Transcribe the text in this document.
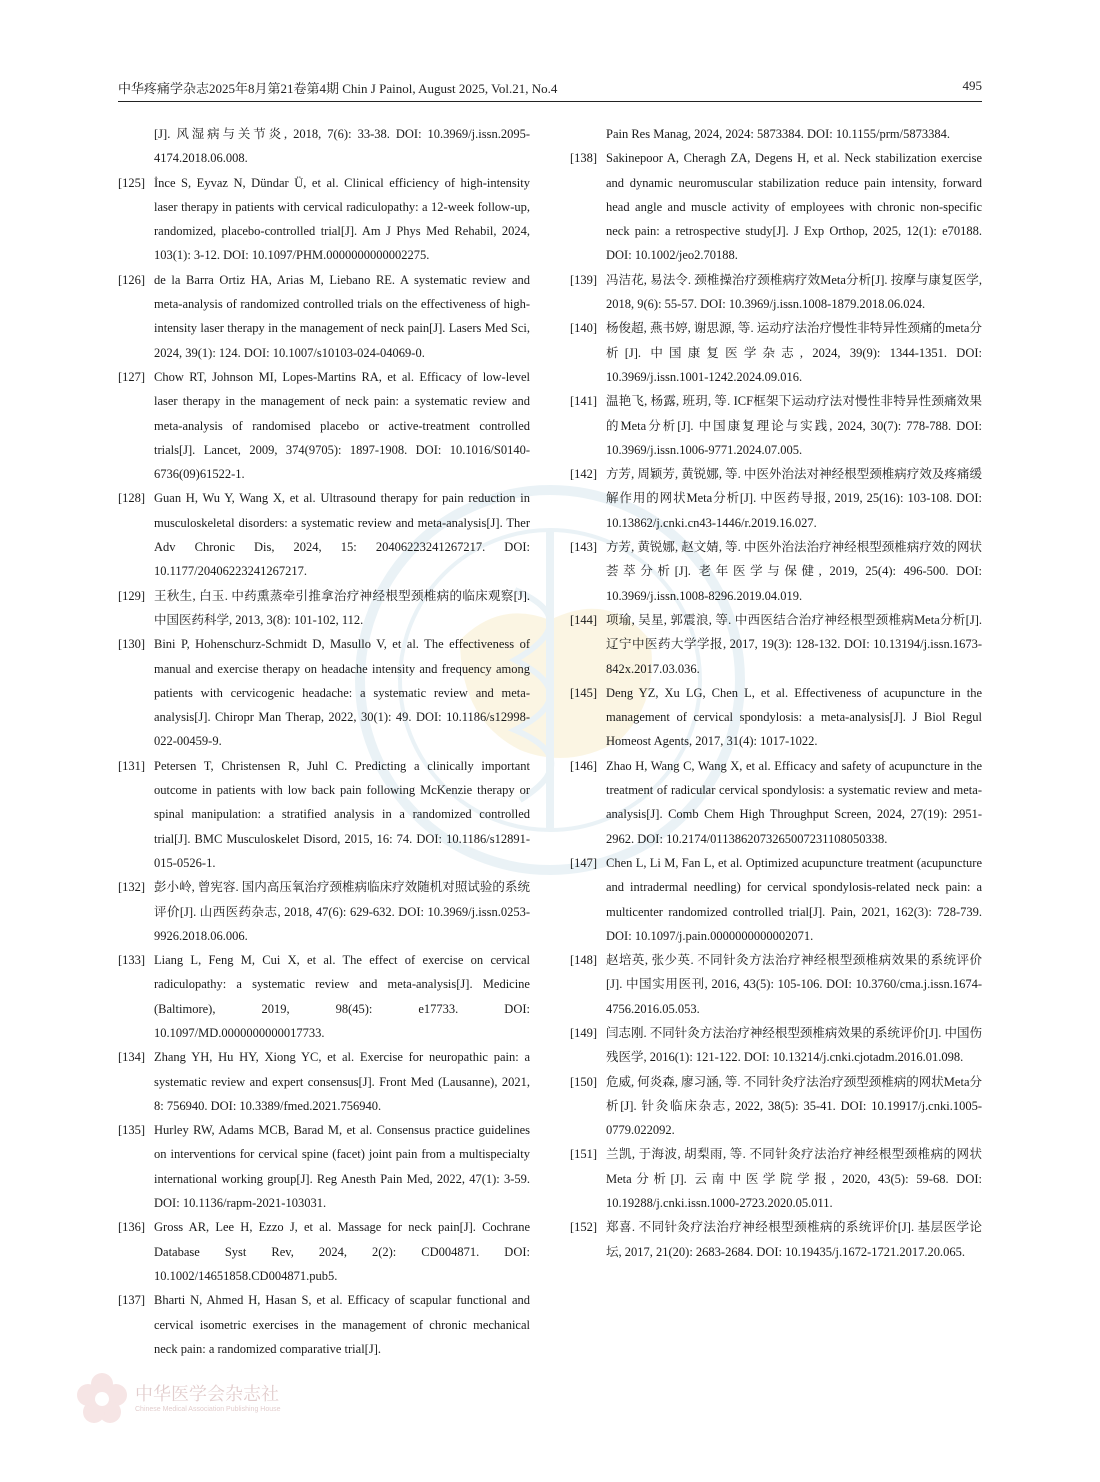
中华疼痛学杂志2025年8月第21卷第4期 Chin J Painol, August 2025, Vol.21, No.4	495
[J]. 风湿病与关节炎, 2018, 7(6): 33-38. DOI: 10.3969/j.issn.2095-4174.2018.06.008.
[125] İnce S, Eyvaz N, Dündar Ü, et al. Clinical efficiency of high-intensity laser therapy in patients with cervical radiculopathy: a 12-week follow-up, randomized, placebo-controlled trial[J]. Am J Phys Med Rehabil, 2024, 103(1): 3-12. DOI: 10.1097/PHM.0000000000002275.
[126] de la Barra Ortiz HA, Arias M, Liebano RE. A systematic review and meta-analysis of randomized controlled trials on the effectiveness of high-intensity laser therapy in the management of neck pain[J]. Lasers Med Sci, 2024, 39(1): 124. DOI: 10.1007/s10103-024-04069-0.
[127] Chow RT, Johnson MI, Lopes-Martins RA, et al. Efficacy of low-level laser therapy in the management of neck pain: a systematic review and meta-analysis of randomised placebo or active-treatment controlled trials[J]. Lancet, 2009, 374(9705): 1897-1908. DOI: 10.1016/S0140-6736(09)61522-1.
[128] Guan H, Wu Y, Wang X, et al. Ultrasound therapy for pain reduction in musculoskeletal disorders: a systematic review and meta-analysis[J]. Ther Adv Chronic Dis, 2024, 15: 20406223241267217. DOI: 10.1177/20406223241267217.
[129] 王秋生, 白玉. 中药熏蒸牵引推拿治疗神经根型颈椎病的临床观察[J]. 中国医药科学, 2013, 3(8): 101-102, 112.
[130] Bini P, Hohenschurz-Schmidt D, Masullo V, et al. The effectiveness of manual and exercise therapy on headache intensity and frequency among patients with cervicogenic headache: a systematic review and meta-analysis[J]. Chiropr Man Therap, 2022, 30(1): 49. DOI: 10.1186/s12998-022-00459-9.
[131] Petersen T, Christensen R, Juhl C. Predicting a clinically important outcome in patients with low back pain following McKenzie therapy or spinal manipulation: a stratified analysis in a randomized controlled trial[J]. BMC Musculoskelet Disord, 2015, 16: 74. DOI: 10.1186/s12891-015-0526-1.
[132] 彭小岭, 曾宪容. 国内高压氧治疗颈椎病临床疗效随机对照试验的系统评价[J]. 山西医药杂志, 2018, 47(6): 629-632. DOI: 10.3969/j.issn.0253-9926.2018.06.006.
[133] Liang L, Feng M, Cui X, et al. The effect of exercise on cervical radiculopathy: a systematic review and meta-analysis[J]. Medicine (Baltimore), 2019, 98(45): e17733. DOI: 10.1097/MD.0000000000017733.
[134] Zhang YH, Hu HY, Xiong YC, et al. Exercise for neuropathic pain: a systematic review and expert consensus[J]. Front Med (Lausanne), 2021, 8: 756940. DOI: 10.3389/fmed.2021.756940.
[135] Hurley RW, Adams MCB, Barad M, et al. Consensus practice guidelines on interventions for cervical spine (facet) joint pain from a multispecialty international working group[J]. Reg Anesth Pain Med, 2022, 47(1): 3-59. DOI: 10.1136/rapm-2021-103031.
[136] Gross AR, Lee H, Ezzo J, et al. Massage for neck pain[J]. Cochrane Database Syst Rev, 2024, 2(2): CD004871. DOI: 10.1002/14651858.CD004871.pub5.
[137] Bharti N, Ahmed H, Hasan S, et al. Efficacy of scapular functional and cervical isometric exercises in the management of chronic mechanical neck pain: a randomized comparative trial[J].
Pain Res Manag, 2024, 2024: 5873384. DOI: 10.1155/prm/5873384.
[138] Sakinepoor A, Cheragh ZA, Degens H, et al. Neck stabilization exercise and dynamic neuromuscular stabilization reduce pain intensity, forward head angle and muscle activity of employees with chronic non-specific neck pain: a retrospective study[J]. J Exp Orthop, 2025, 12(1): e70188. DOI: 10.1002/jeo2.70188.
[139] 冯洁花, 易法令. 颈椎操治疗颈椎病疗效Meta分析[J]. 按摩与康复医学, 2018, 9(6): 55-57. DOI: 10.3969/j.issn.1008-1879.2018.06.024.
[140] 杨俊超, 燕书婷, 谢思源, 等. 运动疗法治疗慢性非特异性颈痛的meta分析[J]. 中国康复医学杂志, 2024, 39(9): 1344-1351. DOI: 10.3969/j.issn.1001-1242.2024.09.016.
[141] 温艳飞, 杨露, 班玥, 等. ICF框架下运动疗法对慢性非特异性颈痛效果的Meta分析[J]. 中国康复理论与实践, 2024, 30(7): 778-788. DOI: 10.3969/j.issn.1006-9771.2024.07.005.
[142] 方芳, 周颖芳, 黄锐娜, 等. 中医外治法对神经根型颈椎病疗效及疼痛缓解作用的网状Meta分析[J]. 中医药导报, 2019, 25(16): 103-108. DOI: 10.13862/j.cnki.cn43-1446/r.2019.16.027.
[143] 方芳, 黄锐娜, 赵文婧, 等. 中医外治法治疗神经根型颈椎病疗效的网状荟萃分析[J]. 老年医学与保健, 2019, 25(4): 496-500. DOI: 10.3969/j.issn.1008-8296.2019.04.019.
[144] 项瑜, 吴星, 郭震浪, 等. 中西医结合治疗神经根型颈椎病Meta分析[J]. 辽宁中医药大学学报, 2017, 19(3): 128-132. DOI: 10.13194/j.issn.1673-842x.2017.03.036.
[145] Deng YZ, Xu LG, Chen L, et al. Effectiveness of acupuncture in the management of cervical spondylosis: a meta-analysis[J]. J Biol Regul Homeost Agents, 2017, 31(4): 1017-1022.
[146] Zhao H, Wang C, Wang X, et al. Efficacy and safety of acupuncture in the treatment of radicular cervical spondylosis: a systematic review and meta-analysis[J]. Comb Chem High Throughput Screen, 2024, 27(19): 2951-2962. DOI: 10.2174/0113862073265007231108050338.
[147] Chen L, Li M, Fan L, et al. Optimized acupuncture treatment (acupuncture and intradermal needling) for cervical spondylosis-related neck pain: a multicenter randomized controlled trial[J]. Pain, 2021, 162(3): 728-739. DOI: 10.1097/j.pain.0000000000002071.
[148] 赵培英, 张少英. 不同针灸方法治疗神经根型颈椎病效果的系统评价[J]. 中国实用医刊, 2016, 43(5): 105-106. DOI: 10.3760/cma.j.issn.1674-4756.2016.05.053.
[149] 闫志刚. 不同针灸方法治疗神经根型颈椎病效果的系统评价[J]. 中国伤残医学, 2016(1): 121-122. DOI: 10.13214/j.cnki.cjotadm.2016.01.098.
[150] 危威, 何炎森, 廖习涵, 等. 不同针灸疗法治疗颈型颈椎病的网状Meta分析[J]. 针灸临床杂志, 2022, 38(5): 35-41. DOI: 10.19917/j.cnki.1005-0779.022092.
[151] 兰凯, 于海波, 胡梨雨, 等. 不同针灸疗法治疗神经根型颈椎病的网状Meta分析[J]. 云南中医学院学报, 2020, 43(5): 59-68. DOI: 10.19288/j.cnki.issn.1000-2723.2020.05.011.
[152] 郑喜. 不同针灸疗法治疗神经根型颈椎病的系统评价[J]. 基层医学论坛, 2017, 21(20): 2683-2684. DOI: 10.19435/j.1672-1721.2017.20.065.
中华医学会杂志社
Chinese Medical Association Publishing House
